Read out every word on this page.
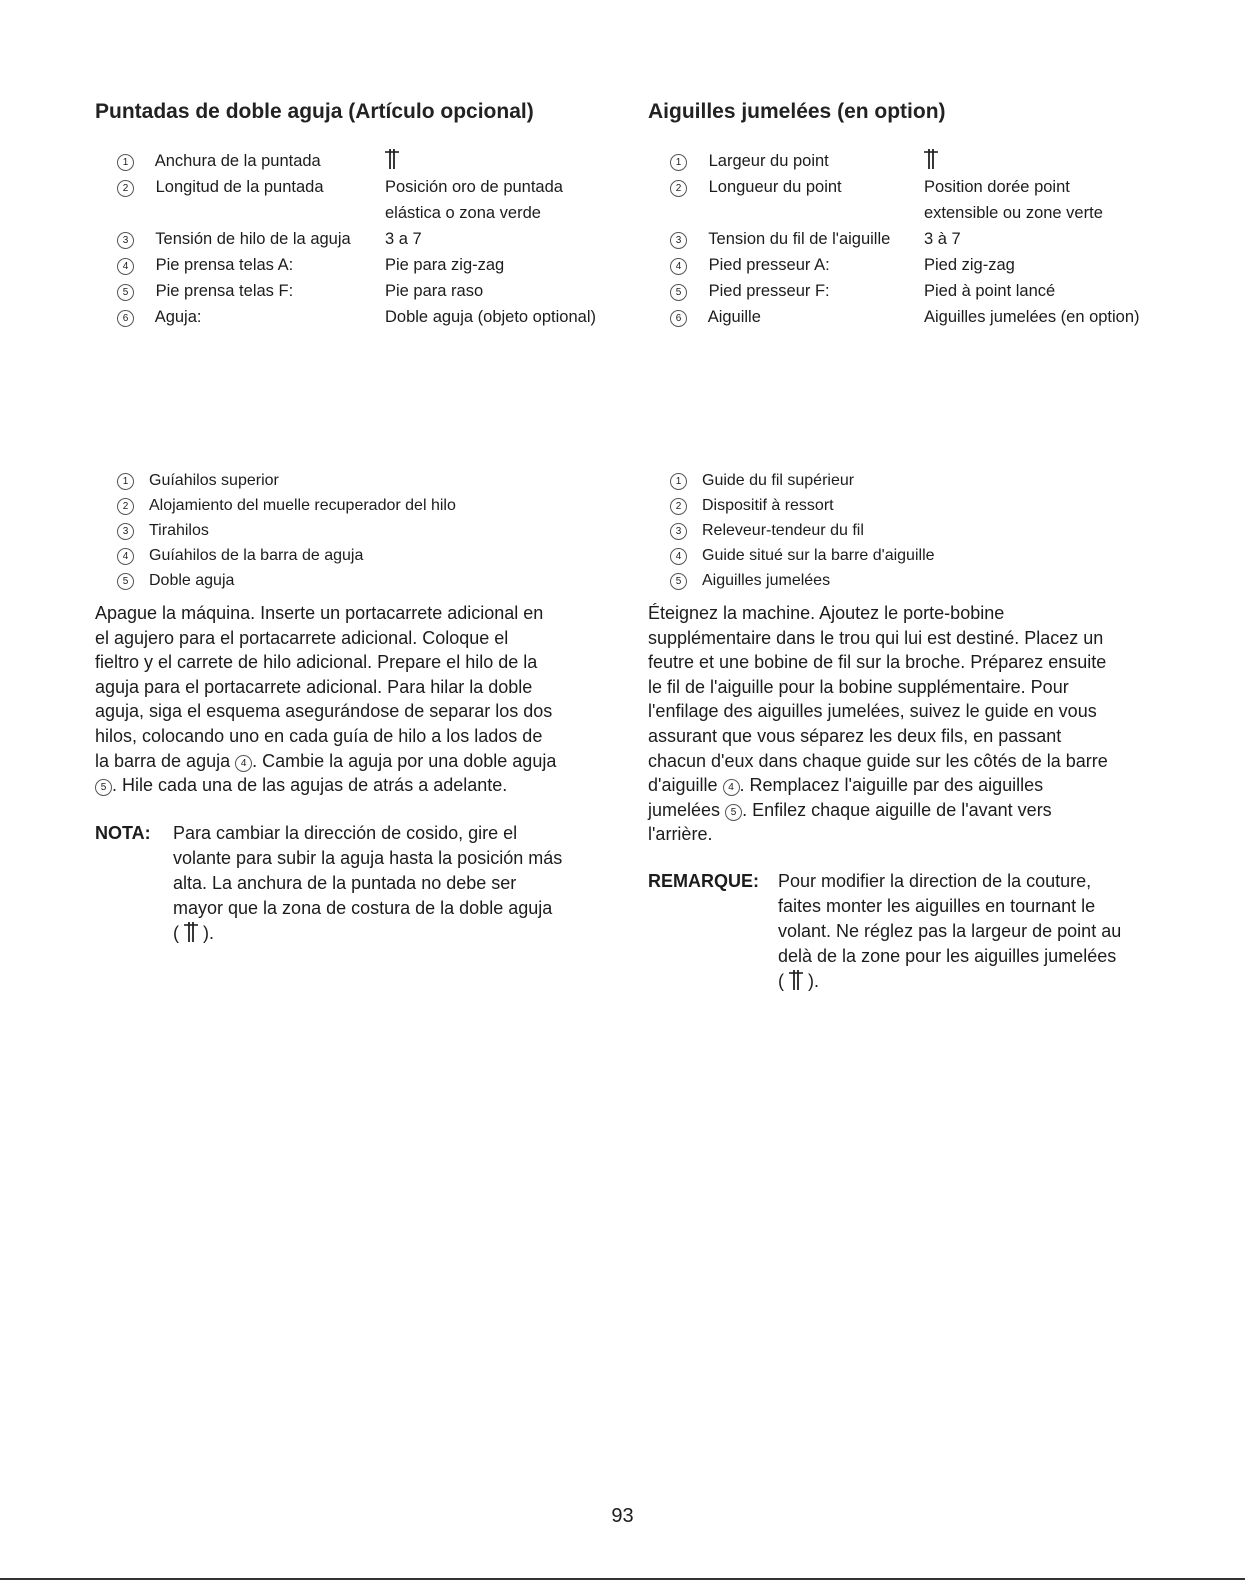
Puntadas de doble aguja (Artículo opcional)
1 Anchura de la puntada
2 Longitud de la puntada	Posición oro de puntada
elástica o zona verde
3 Tensión de hilo de la aguja 3 a 7
4 Pie prensa telas A:	Pie para zig-zag
5 Pie prensa telas F:	Pie para raso
6 Aguja:	Doble aguja (objeto optional)
1 Guíahilos superior
2 Alojamiento del muelle recuperador del hilo
3 Tirahilos
4 Guíahilos de la barra de aguja
5 Doble aguja

Apague la máquina. Inserte un portacarrete adicional en
el agujero para el portacarrete adicional. Coloque el
fieltro y el carrete de hilo adicional. Prepare el hilo de la
aguja para el portacarrete adicional. Para hilar la doble
aguja, siga el esquema asegurándose de separar los dos
hilos, colocando uno en cada guía de hilo a los lados de
la barra de aguja 4 . Cambie la aguja por una doble aguja
5 . Hile cada una de las agujas de atrás a adelante.

NOTA: Para cambiar la dirección de cosido, gire el
volante para subir la aguja hasta la posición más
alta. La anchura de la puntada no debe ser
mayor que la zona de costura de la doble aguja
(  ).
Aiguilles jumelées (en option)
1 Largeur du point
2 Longueur du point	Position dorée point
extensible ou zone verte
3 Tension du fil de l'aiguille 3 à 7
4 Pied presseur A:	Pied zig-zag
5 Pied presseur F:	Pied à point lancé
6 Aiguille	Aiguilles jumelées (en option)
1 Guide du fil supérieur
2 Dispositif à ressort
3 Releveur-tendeur du fil
4 Guide situé sur la barre d'aiguille
5 Aiguilles jumelées

Éteignez la machine. Ajoutez le porte-bobine
supplémentaire dans le trou qui lui est destiné. Placez un
feutre et une bobine de fil sur la broche. Préparez ensuite
le fil de l'aiguille pour la bobine supplémentaire. Pour
l'enfilage des aiguilles jumelées, suivez le guide en vous
assurant que vous séparez les deux fils, en passant
chacun d'eux dans chaque guide sur les côtés de la barre
d'aiguille 4 . Remplacez l'aiguille par des aiguilles
jumelées 5 . Enfilez chaque aiguille de l'avant vers
l'arrière.

REMARQUE: Pour modifier la direction de la couture,
faites monter les aiguilles en tournant le
volant. Ne réglez pas la largeur de point au
delà de la zone pour les aiguilles jumelées
(  ).
93
